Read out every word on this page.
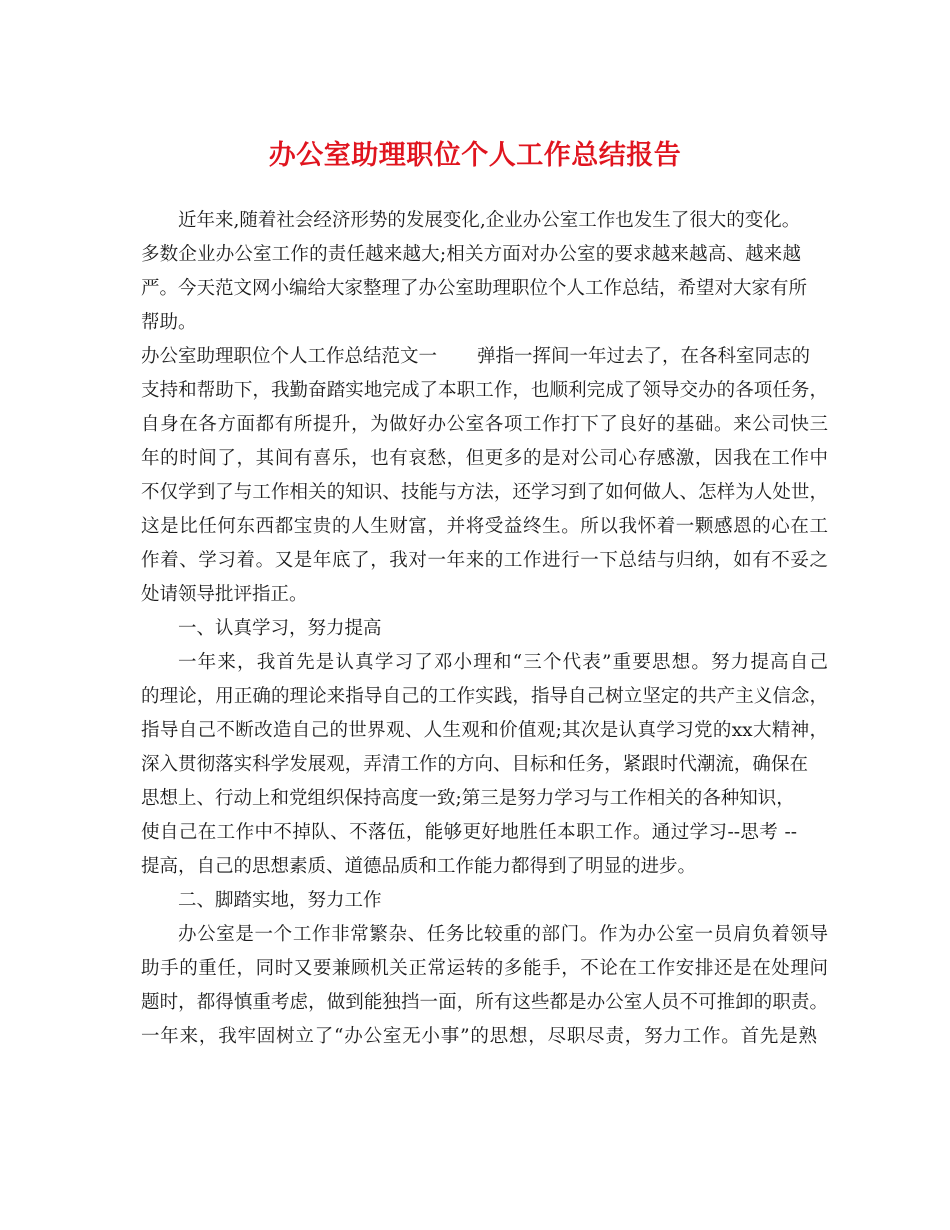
办公室助理职位个人工作总结报告

近年来,随着社会经济形势的发展变化,企业办公室工作也发生了很大的变化。

多数企业办公室工作的责任越来越大;相关方面对办公室的要求越来越高、越来越

严。今天范文网小编给大家整理了办公室助理职位个人工作总结，希望对大家有所

帮助。

办公室助理职位个人工作总结范文一 弹指一挥间一年过去了，在各科室同志的

支持和帮助下，我勤奋踏实地完成了本职工作，也顺利完成了领导交办的各项任务，

自身在各方面都有所提升，为做好办公室各项工作打下了良好的基础。来公司快三

年的时间了，其间有喜乐，也有哀愁，但更多的是对公司心存感激，因我在工作中

不仅学到了与工作相关的知识、技能与方法，还学习到了如何做人、怎样为人处世，

这是比任何东西都宝贵的人生财富，并将受益终生。所以我怀着一颗感恩的心在工

作着、学习着。又是年底了，我对一年来的工作进行一下总结与归纳，如有不妥之

处请领导批评指正。

一、认真学习，努力提高

一年来，我首先是认真学习了邓小理和“三个代表”重要思想。努力提高自己

的理论，用正确的理论来指导自己的工作实践，指导自己树立坚定的共产主义信念，

指导自己不断改造自己的世界观、人生观和价值观;其次是认真学习党的xx大精神，

深入贯彻落实科学发展观，弄清工作的方向、目标和任务，紧跟时代潮流，确保在

思想上、行动上和党组织保持高度一致;第三是努力学习与工作相关的各种知识，

使自己在工作中不掉队、不落伍，能够更好地胜任本职工作。通过学习--思考 --

提高，自己的思想素质、道德品质和工作能力都得到了明显的进步。

二、脚踏实地，努力工作

办公室是一个工作非常繁杂、任务比较重的部门。作为办公室一员肩负着领导

助手的重任，同时又要兼顾机关正常运转的多能手，不论在工作安排还是在处理问

题时，都得慎重考虑，做到能独挡一面，所有这些都是办公室人员不可推卸的职责。

一年来，我牢固树立了“办公室无小事”的思想，尽职尽责，努力工作。首先是熟
